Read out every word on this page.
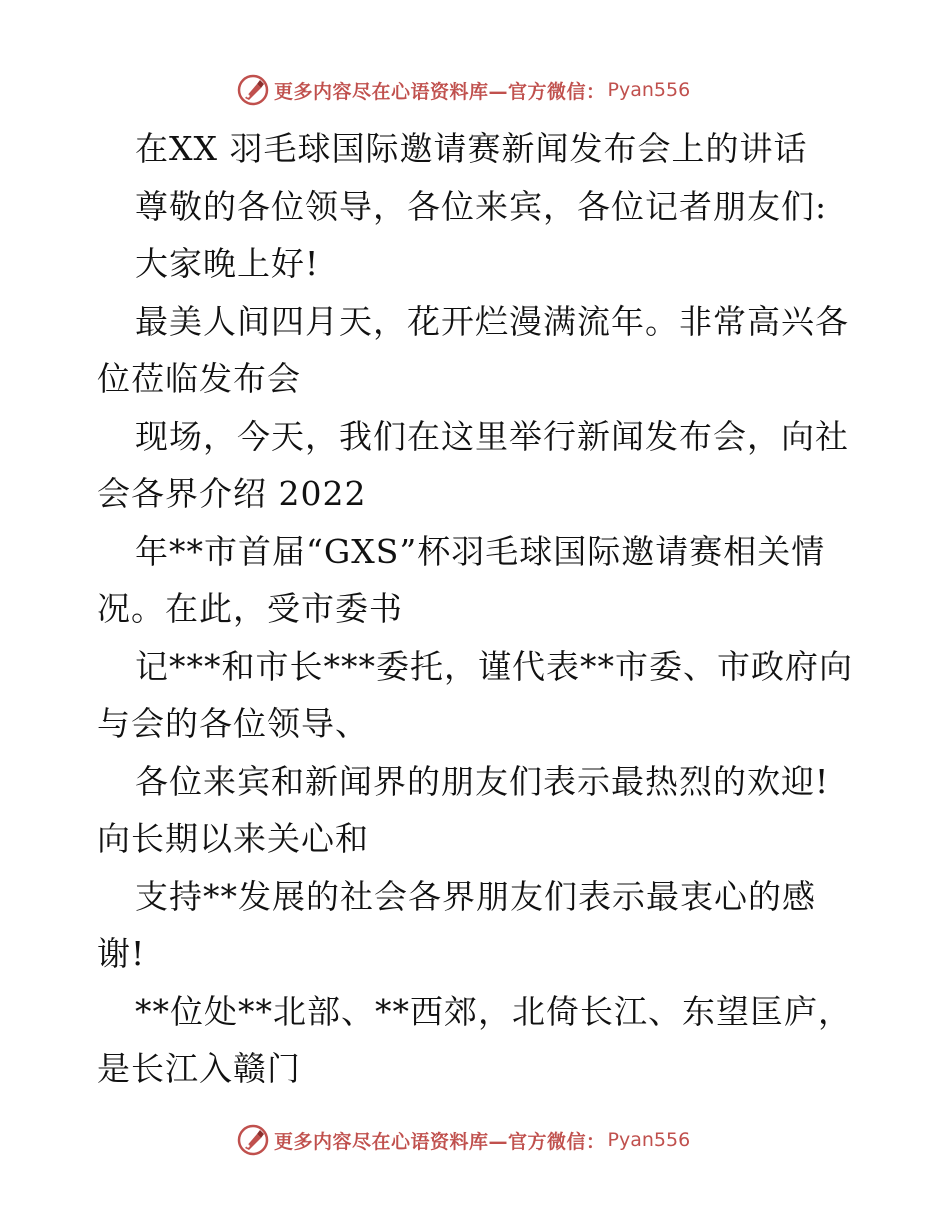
更多内容尽在心语资料库—官方微信： Pyan556
在XX 羽毛球国际邀请赛新闻发布会上的讲话
尊敬的各位领导，各位来宾，各位记者朋友们:
大家晚上好!
最美人间四月天，花开烂漫满流年。非常高兴各
位莅临发布会
现场，今天，我们在这里举行新闻发布会，向社
会各界介绍 2022
年**市首届“GXS”杯羽毛球国际邀请赛相关情
况。在此，受市委书
记***和市长***委托，谨代表**市委、市政府向
与会的各位领导、
各位来宾和新闻界的朋友们表示最热烈的欢迎!
向长期以来关心和
支持**发展的社会各界朋友们表示最衷心的感
谢!
**位处**北部、**西郊，北倚长江、东望匡庐，
是长江入赣门
更多内容尽在心语资料库—官方微信： Pyan556
